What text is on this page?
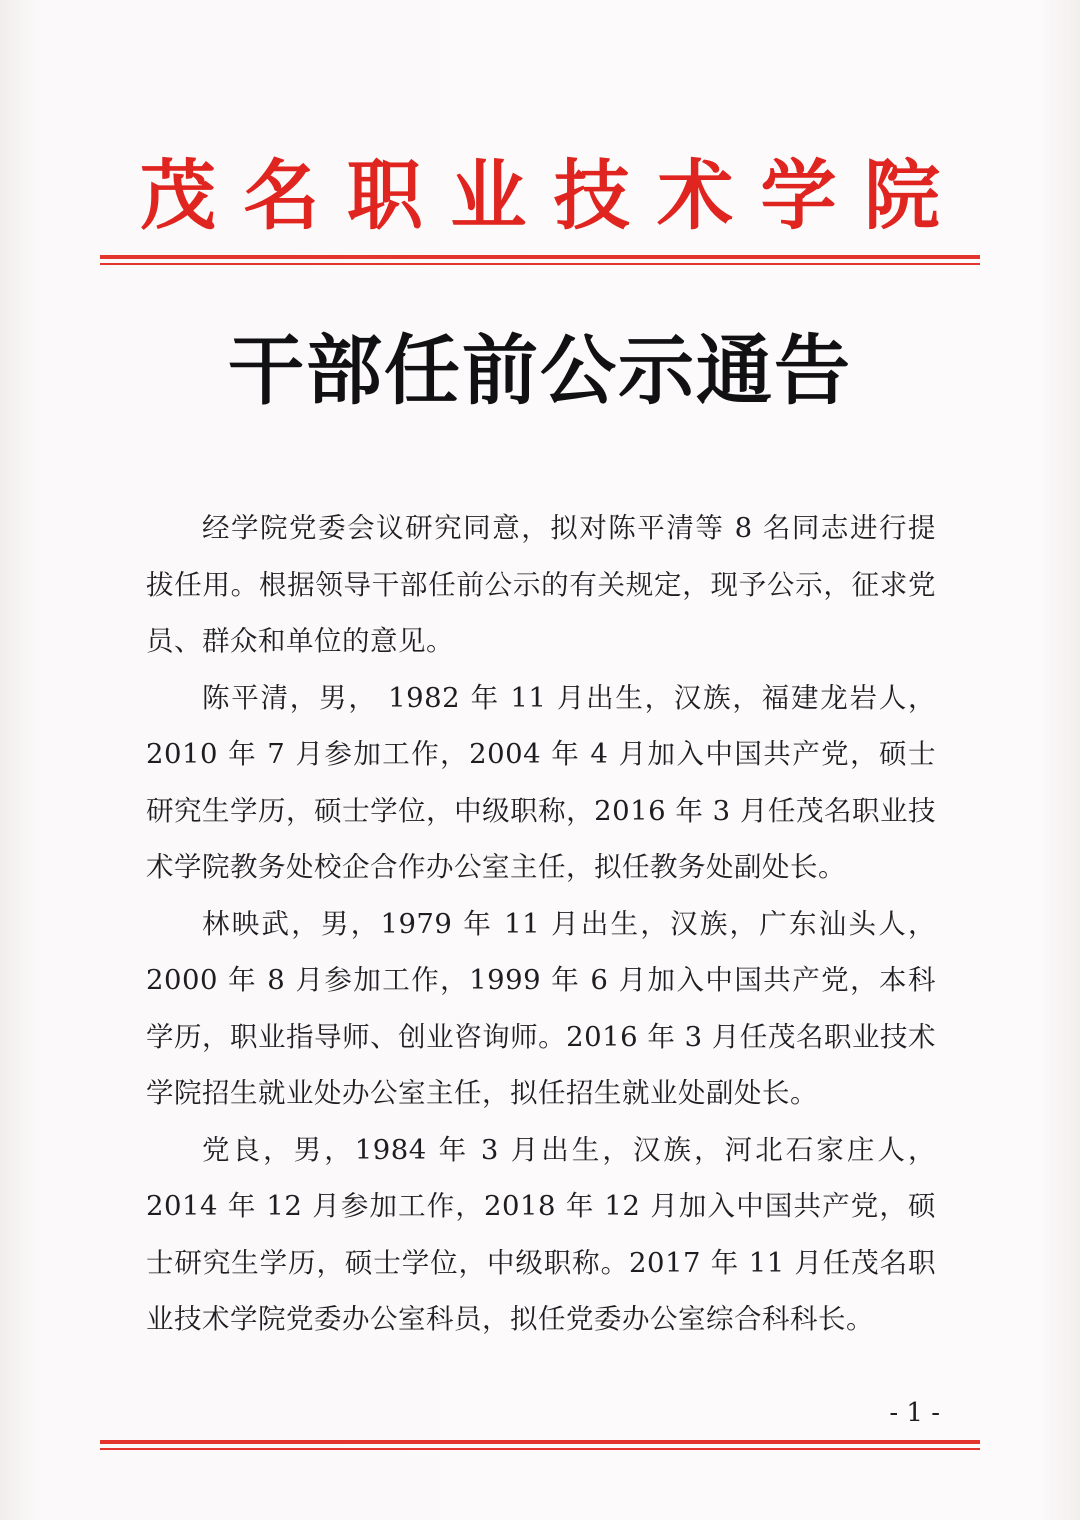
茂 名 职 业 技 术 学 院
干部任前公示通告

经学院党委会议研究同意，拟对陈平清等 8 名同志进行提拔任用。根据领导干部任前公示的有关规定，现予公示，征求党员、群众和单位的意见。

陈平清，男， 1982 年 11 月出生，汉族，福建龙岩人，2010 年 7 月参加工作，2004 年 4 月加入中国共产党，硕士研究生学历，硕士学位，中级职称，2016 年 3 月任茂名职业技术学院教务处校企合作办公室主任，拟任教务处副处长。

林映武，男，1979 年 11 月出生，汉族，广东汕头人，2000 年 8 月参加工作，1999 年 6 月加入中国共产党，本科学历，职业指导师、创业咨询师。2016 年 3 月任茂名职业技术学院招生就业处办公室主任，拟任招生就业处副处长。

党良，男，1984 年 3 月出生，汉族，河北石家庄人，2014 年 12 月参加工作，2018 年 12 月加入中国共产党，硕士研究生学历，硕士学位，中级职称。2017 年 11 月任茂名职业技术学院党委办公室科员，拟任党委办公室综合科科长。

- 1 -
